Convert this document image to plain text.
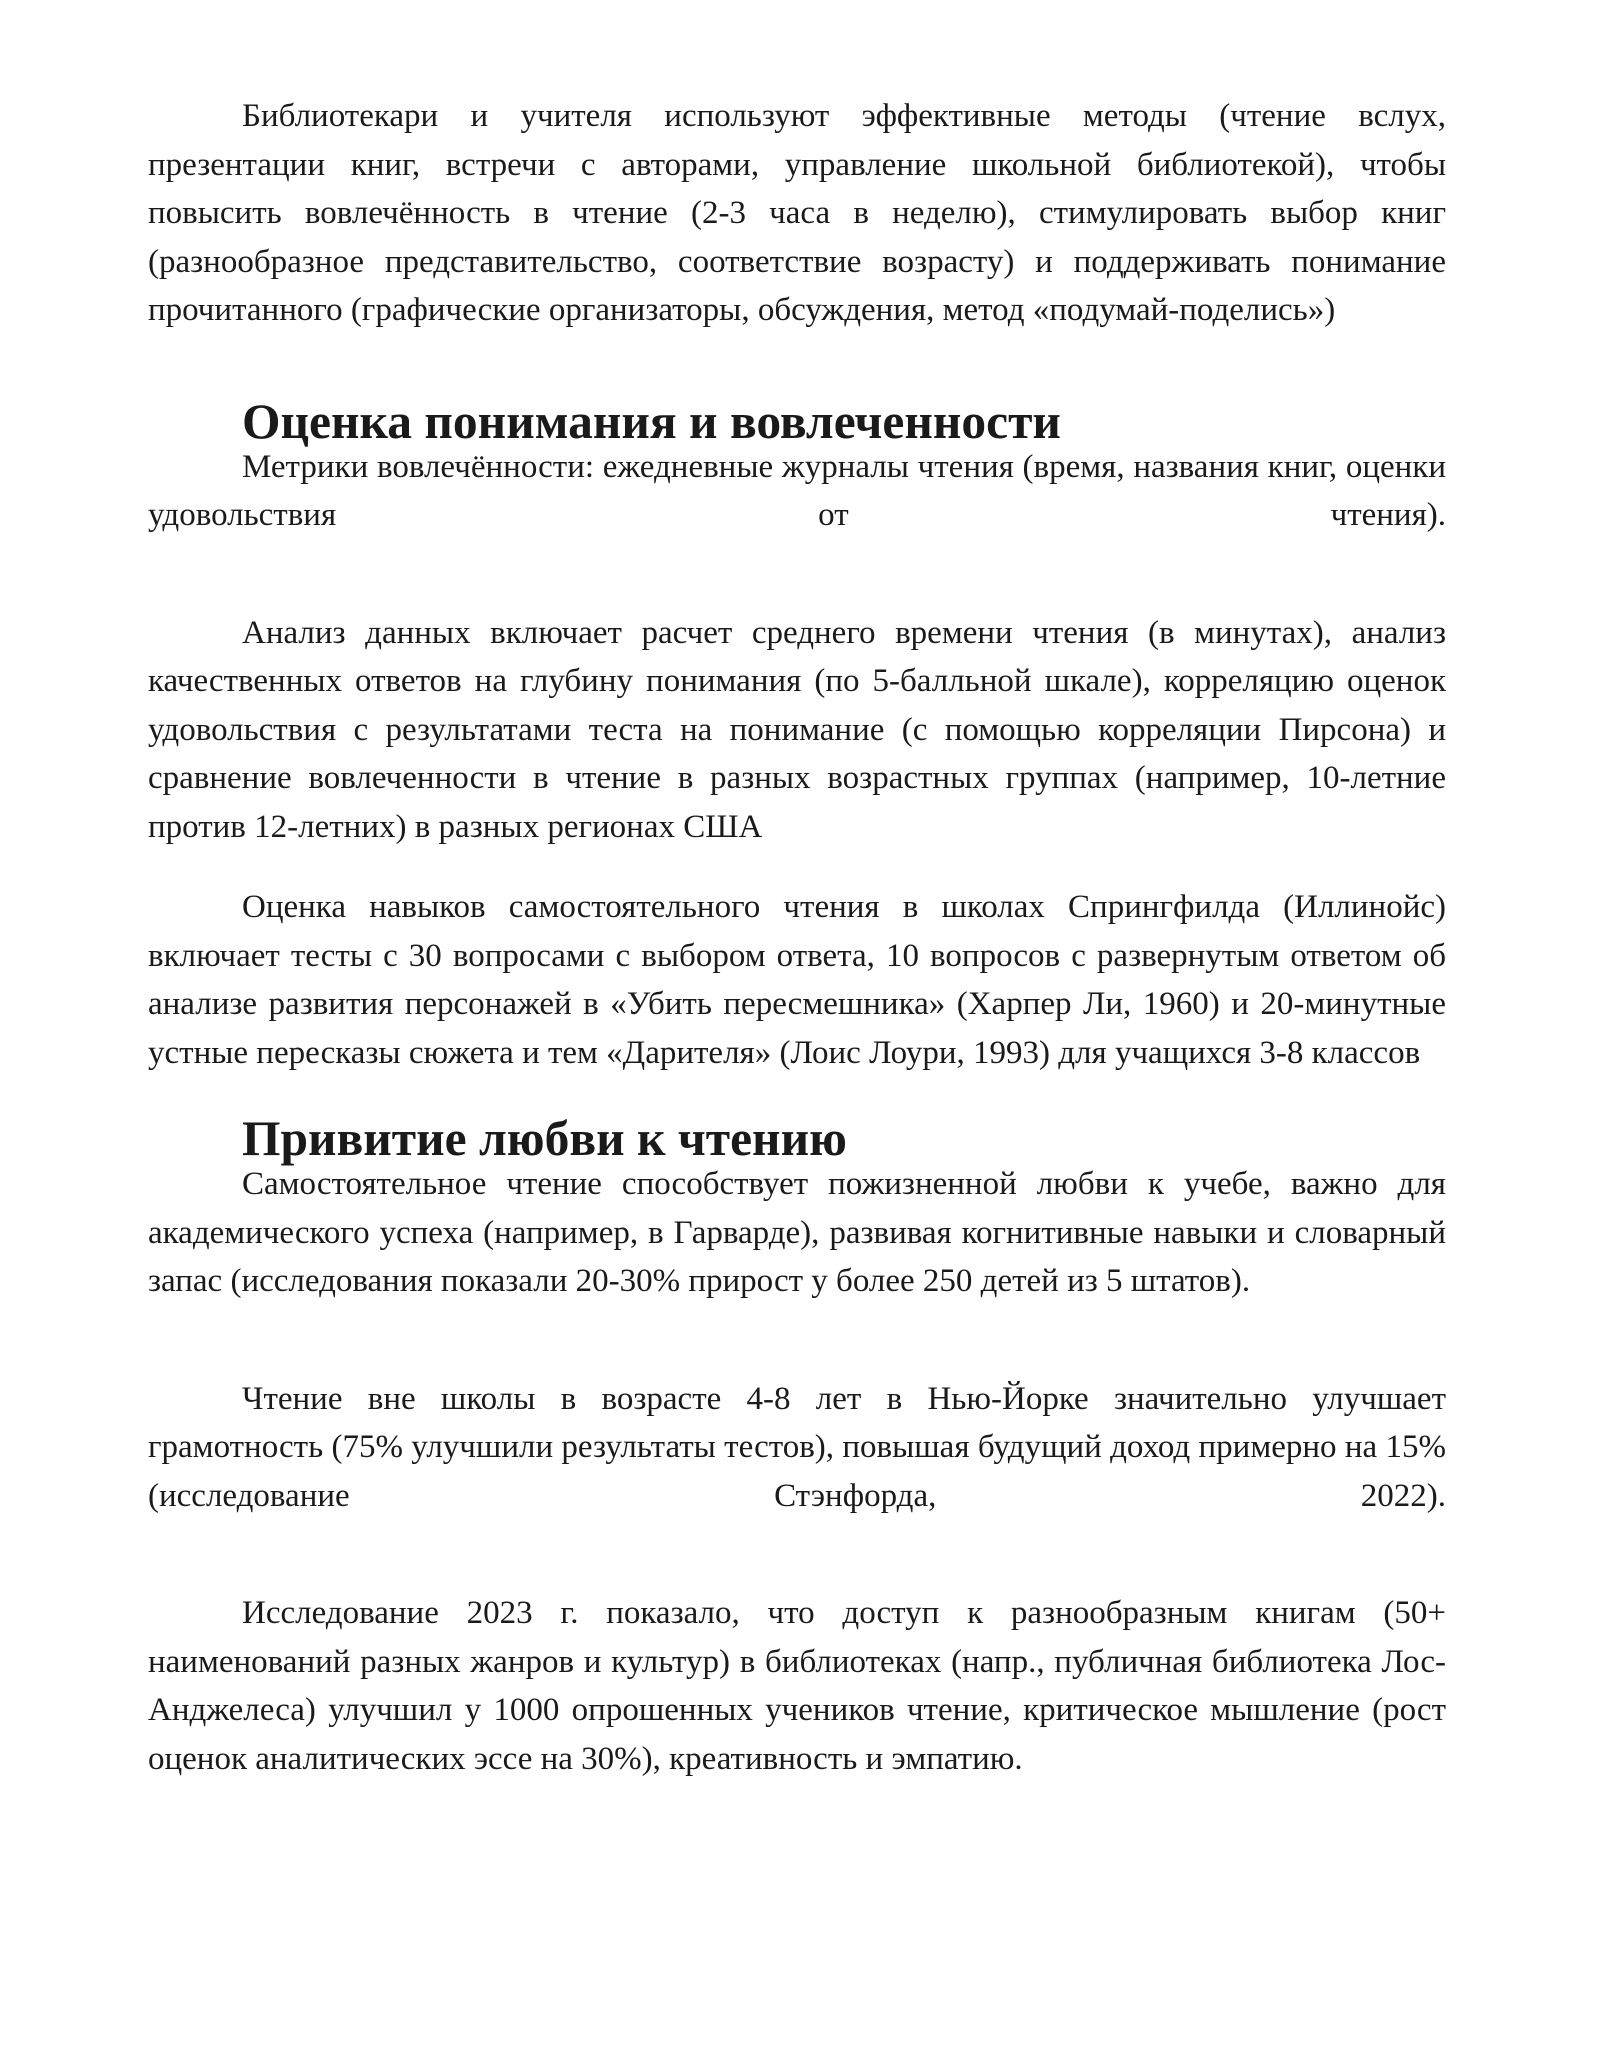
Библиотекари и учителя используют эффективные методы (чтение вслух, презентации книг, встречи с авторами, управление школьной библиотекой), чтобы повысить вовлечённость в чтение (2-3 часа в неделю), стимулировать выбор книг (разнообразное представительство, соответствие возрасту) и поддерживать понимание прочитанного (графические организаторы, обсуждения, метод «подумай-поделись»)

Оценка понимания и вовлеченности

Метрики вовлечённости: ежедневные журналы чтения (время, названия книг, оценки удовольствия от чтения).

Анализ данных включает расчет среднего времени чтения (в минутах), анализ качественных ответов на глубину понимания (по 5-балльной шкале), корреляцию оценок удовольствия с результатами теста на понимание (с помощью корреляции Пирсона) и сравнение вовлеченности в чтение в разных возрастных группах (например, 10-летние против 12-летних) в разных регионах США

Оценка навыков самостоятельного чтения в школах Спрингфилда (Иллинойс) включает тесты с 30 вопросами с выбором ответа, 10 вопросов с развернутым ответом об анализе развития персонажей в «Убить пересмешника» (Харпер Ли, 1960) и 20-минутные устные пересказы сюжета и тем «Дарителя» (Лоис Лоури, 1993) для учащихся 3-8 классов

Привитие любви к чтению

Самостоятельное чтение способствует пожизненной любви к учебе, важно для академического успеха (например, в Гарварде), развивая когнитивные навыки и словарный запас (исследования показали 20-30% прирост у более 250 детей из 5 штатов).

Чтение вне школы в возрасте 4-8 лет в Нью-Йорке значительно улучшает грамотность (75% улучшили результаты тестов), повышая будущий доход примерно на 15% (исследование Стэнфорда, 2022).

Исследование 2023 г. показало, что доступ к разнообразным книгам (50+ наименований разных жанров и культур) в библиотеках (напр., публичная библиотека Лос-Анджелеса) улучшил у 1000 опрошенных учеников чтение, критическое мышление (рост оценок аналитических эссе на 30%), креативность и эмпатию.
